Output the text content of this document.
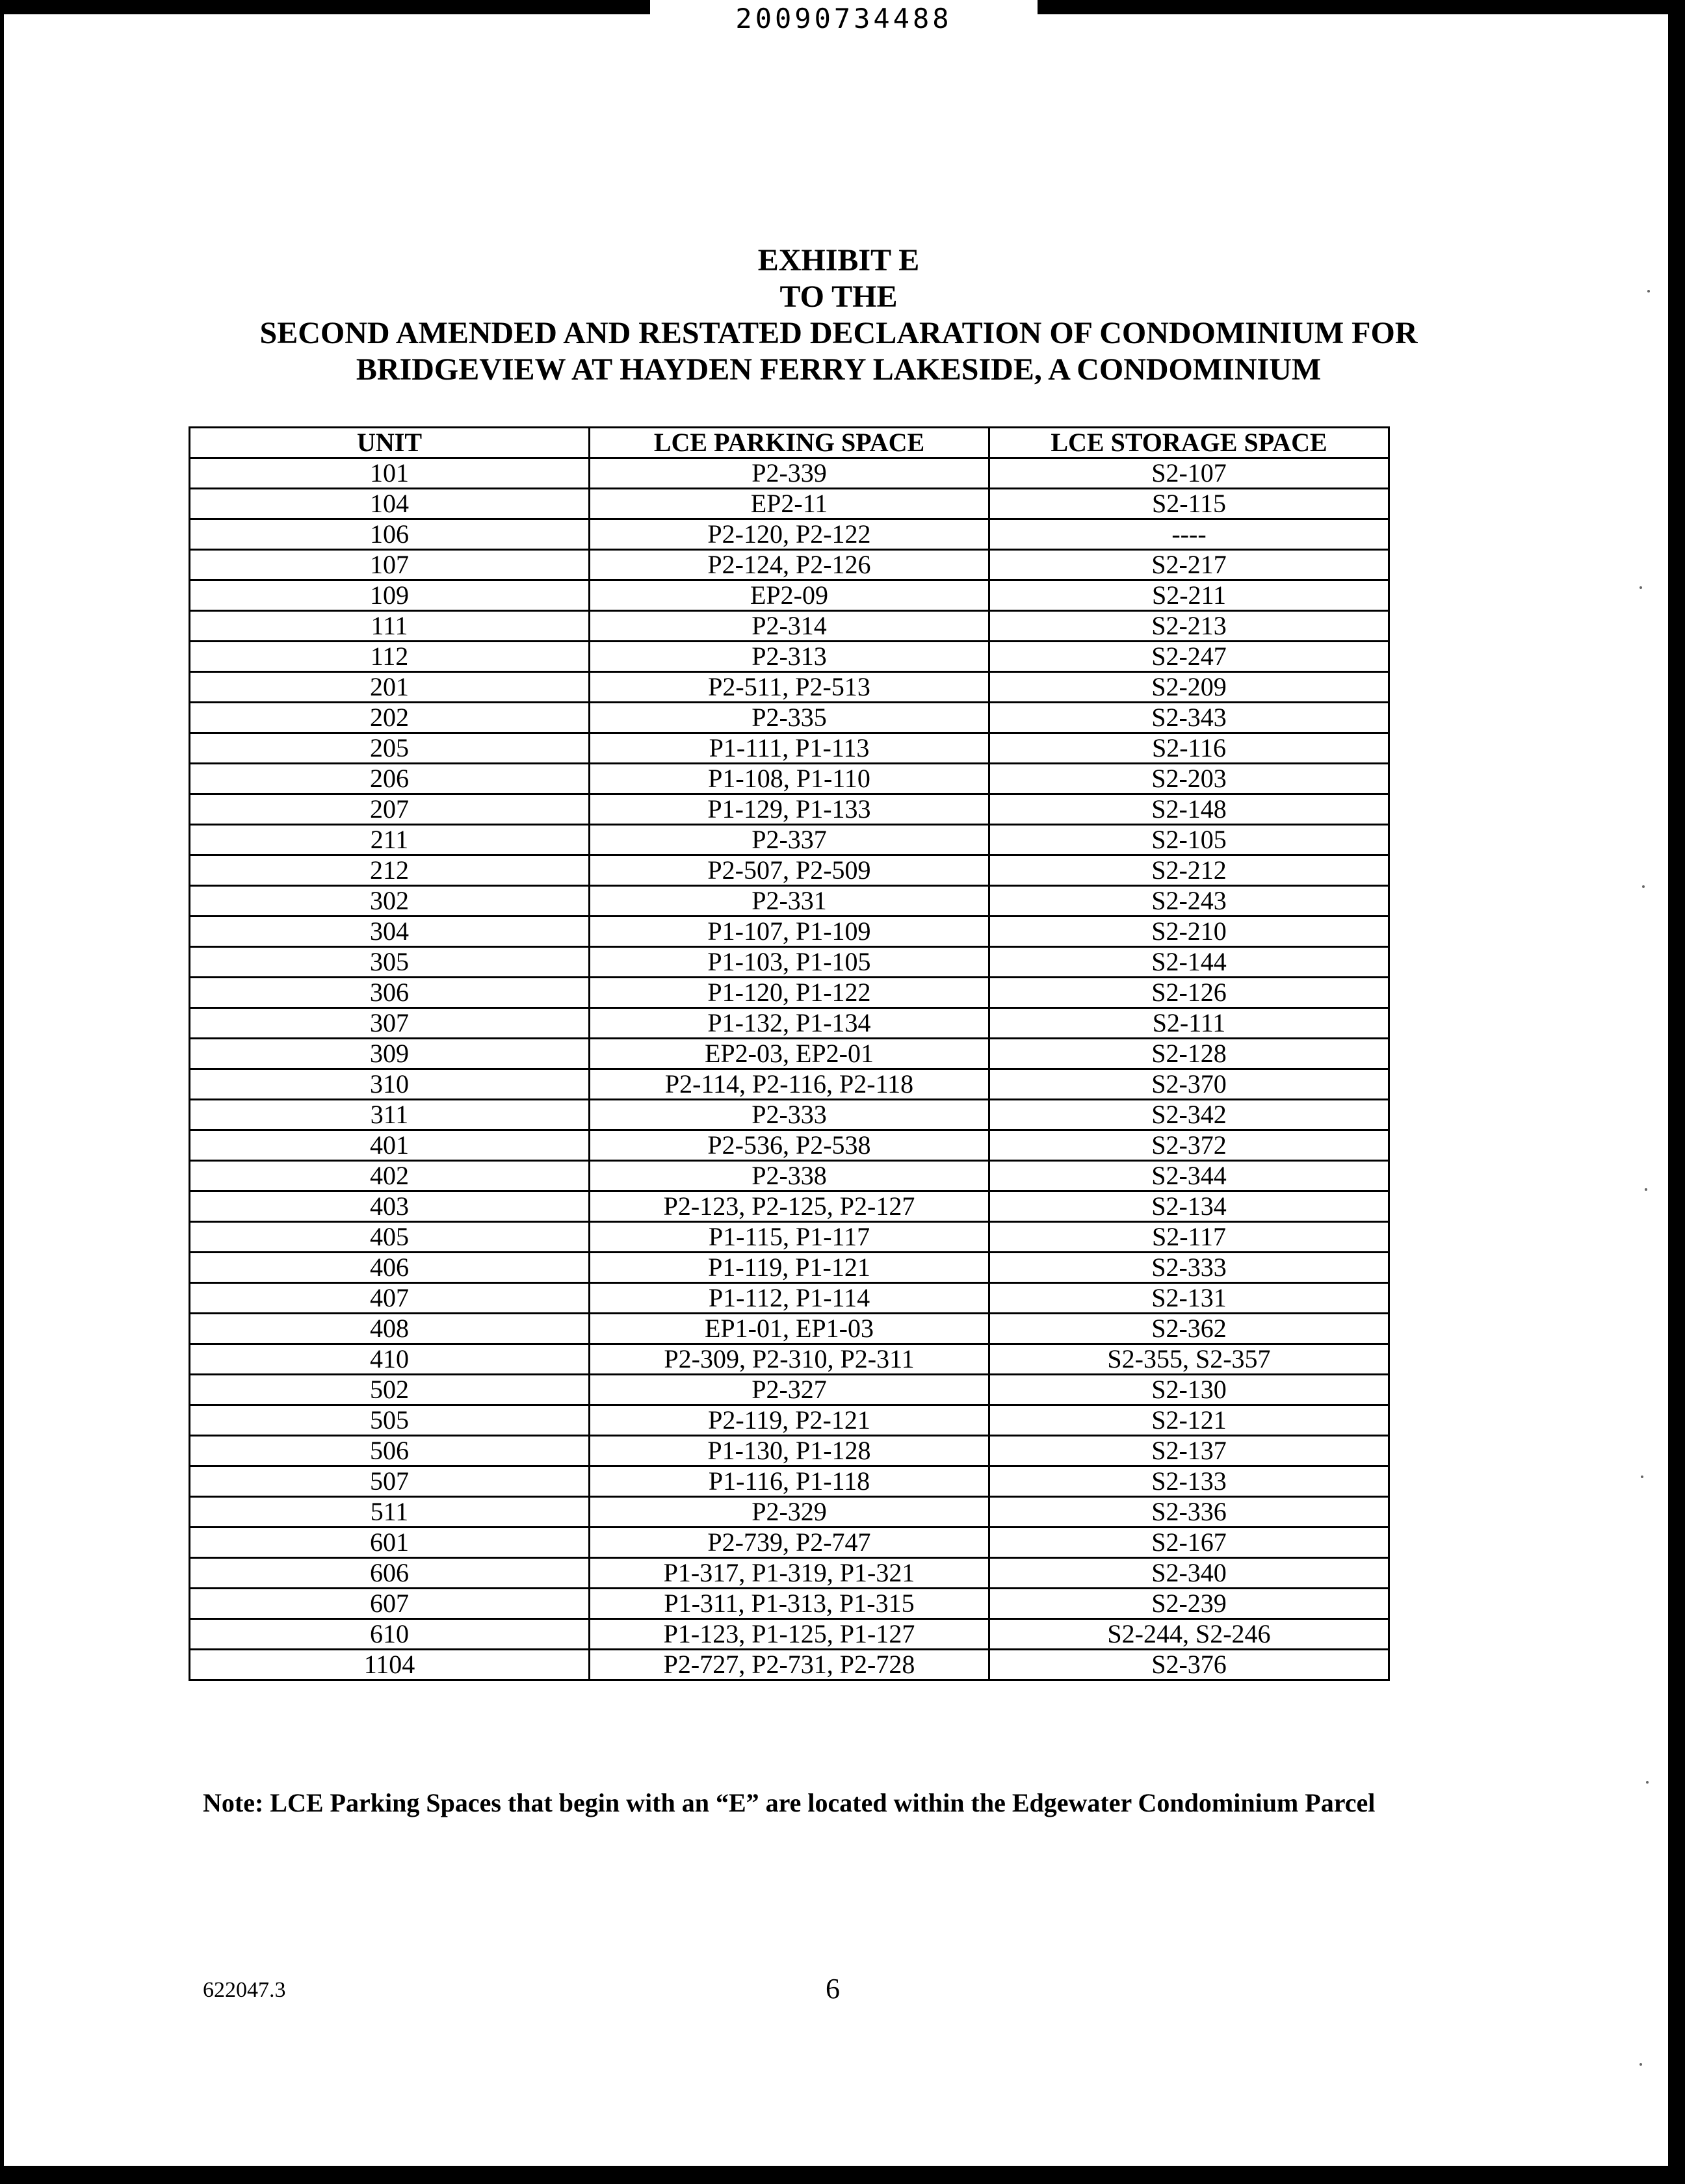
20090734488
EXHIBIT E
TO THE
SECOND AMENDED AND RESTATED DECLARATION OF CONDOMINIUM FOR
BRIDGEVIEW AT HAYDEN FERRY LAKESIDE, A CONDOMINIUM
UNIT	LCE PARKING SPACE	LCE STORAGE SPACE
101	P2-339	S2-107
104	EP2-11	S2-115
106	P2-120, P2-122	----
107	P2-124, P2-126	S2-217
109	EP2-09	S2-211
111	P2-314	S2-213
112	P2-313	S2-247
201	P2-511, P2-513	S2-209
202	P2-335	S2-343
205	P1-111, P1-113	S2-116
206	P1-108, P1-110	S2-203
207	P1-129, P1-133	S2-148
211	P2-337	S2-105
212	P2-507, P2-509	S2-212
302	P2-331	S2-243
304	P1-107, P1-109	S2-210
305	P1-103, P1-105	S2-144
306	P1-120, P1-122	S2-126
307	P1-132, P1-134	S2-111
309	EP2-03, EP2-01	S2-128
310	P2-114, P2-116, P2-118	S2-370
311	P2-333	S2-342
401	P2-536, P2-538	S2-372
402	P2-338	S2-344
403	P2-123, P2-125, P2-127	S2-134
405	P1-115, P1-117	S2-117
406	P1-119, P1-121	S2-333
407	P1-112, P1-114	S2-131
408	EP1-01, EP1-03	S2-362
410	P2-309, P2-310, P2-311	S2-355, S2-357
502	P2-327	S2-130
505	P2-119, P2-121	S2-121
506	P1-130, P1-128	S2-137
507	P1-116, P1-118	S2-133
511	P2-329	S2-336
601	P2-739, P2-747	S2-167
606	P1-317, P1-319, P1-321	S2-340
607	P1-311, P1-313, P1-315	S2-239
610	P1-123, P1-125, P1-127	S2-244, S2-246
1104	P2-727, P2-731, P2-728	S2-376
Note: LCE Parking Spaces that begin with an “E” are located within the Edgewater Condominium Parcel
622047.3	6
